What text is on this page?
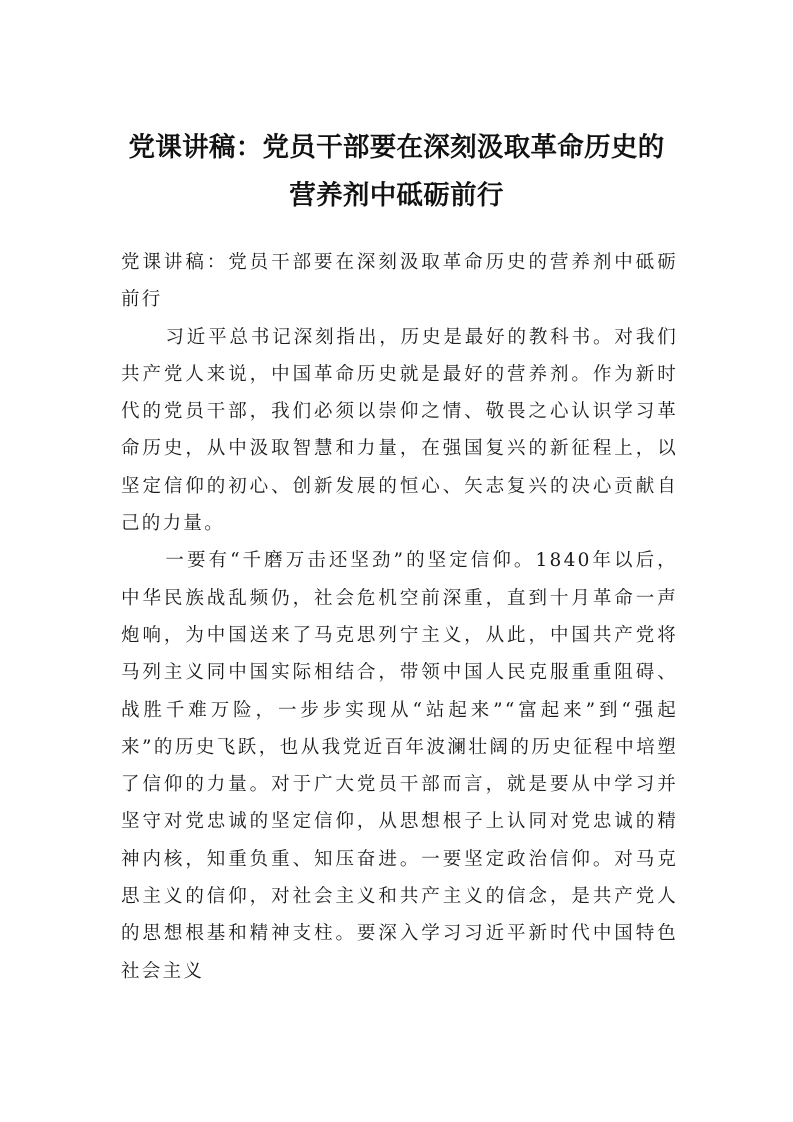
党课讲稿：党员干部要在深刻汲取革命历史的营养剂中砥砺前行

党课讲稿：党员干部要在深刻汲取革命历史的营养剂中砥砺前行

习近平总书记深刻指出，历史是最好的教科书。对我们共产党人来说，中国革命历史就是最好的营养剂。作为新时代的党员干部，我们必须以崇仰之情、敬畏之心认识学习革命历史，从中汲取智慧和力量，在强国复兴的新征程上，以坚定信仰的初心、创新发展的恒心、矢志复兴的决心贡献自己的力量。

一要有“千磨万击还坚劲”的坚定信仰。1840年以后，中华民族战乱频仍，社会危机空前深重，直到十月革命一声炮响，为中国送来了马克思列宁主义，从此，中国共产党将马列主义同中国实际相结合，带领中国人民克服重重阻碍、战胜千难万险，一步步实现从“站起来”“富起来”到“强起来”的历史飞跃，也从我党近百年波澜壮阔的历史征程中培塑了信仰的力量。对于广大党员干部而言，就是要从中学习并坚守对党忠诚的坚定信仰，从思想根子上认同对党忠诚的精神内核，知重负重、知压奋进。一要坚定政治信仰。对马克思主义的信仰，对社会主义和共产主义的信念，是共产党人的思想根基和精神支柱。要深入学习习近平新时代中国特色社会主义
